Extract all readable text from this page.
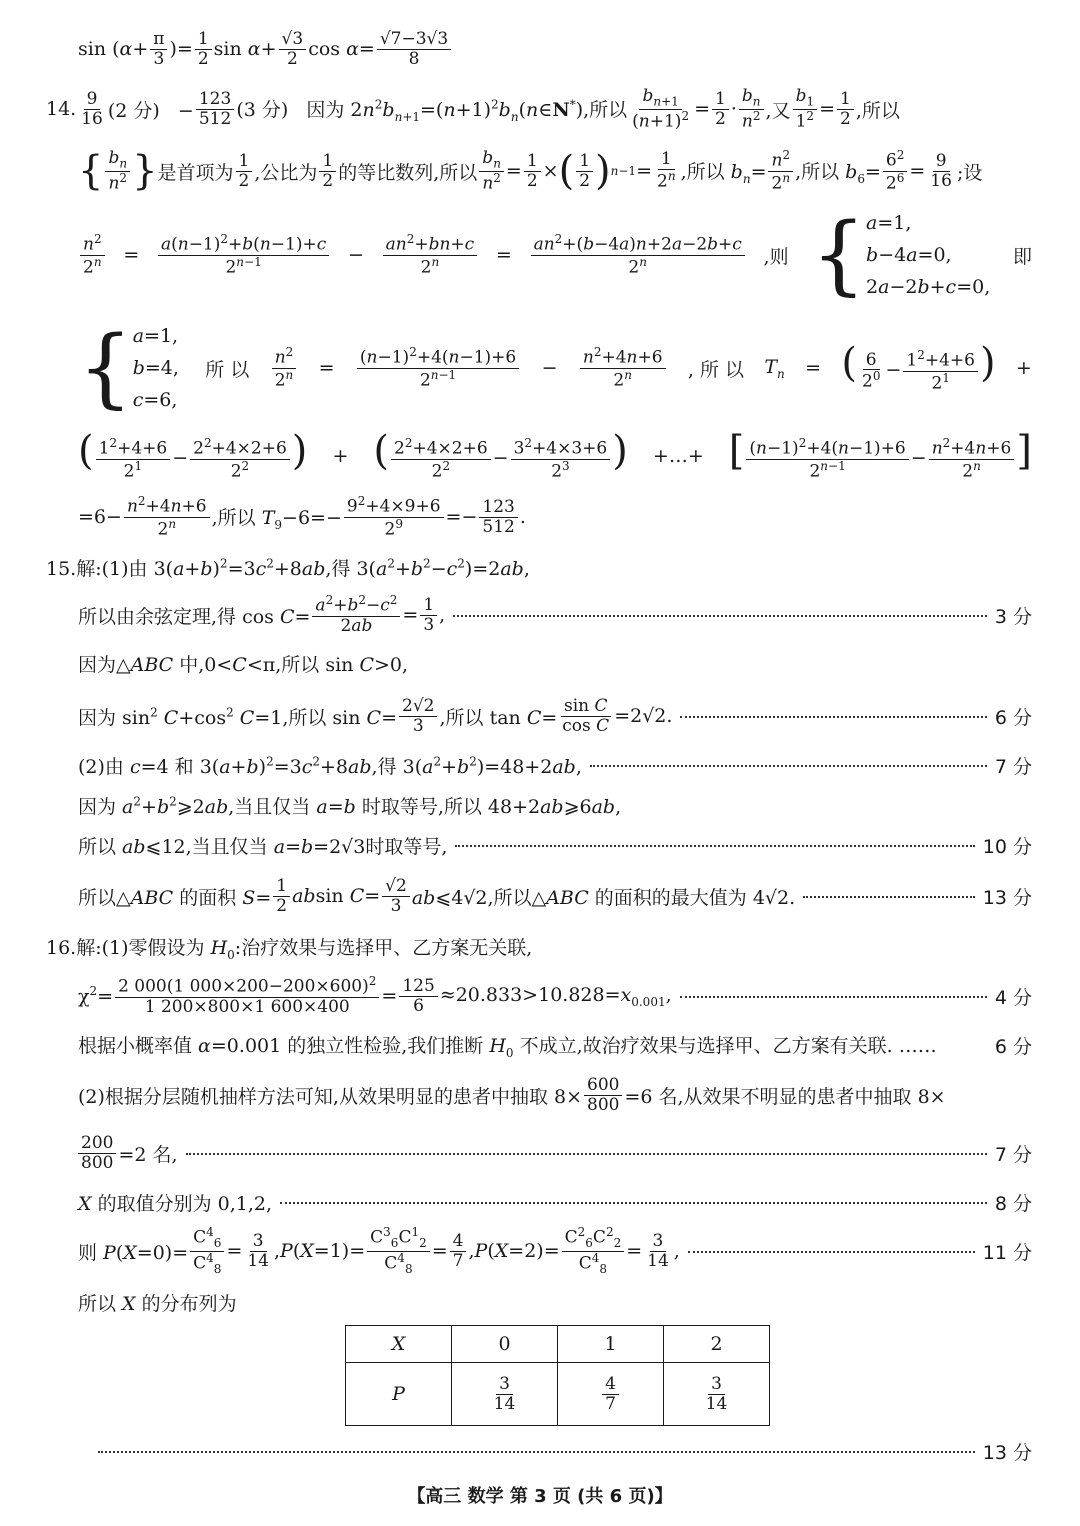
$\sin (\alpha+ \frac{\pi}{3}$ )= $\frac{1}{2}$ $\sin \alpha+ \frac{√3}{2}$ $\cos \alpha= \frac{√7-3√3}{8}$
14. 9
16 (2 分)   − $\frac{123}{512} (3$ 分)   因为 $2n^2b_{n+1}=(n+1)^2b_n(n\in N^*)$,所以 $\frac{b_{n+1}}{(n+1)^2} = \frac{1}{2}$ ·
$b_n$
$n^2$ ,又 $\frac{b_1}{1^2} = \frac{1}{2}$ ,所以
{ $b_n$
$n^2$ } 是首项为
1
2 ,公比为
1
2 的等比数列,所以 $\frac{b_n}{n^2} = \frac{1}{2}$ × ( 1
2 ) $n-1 = \frac{1}{2^n}$ ,所以 $b_n= \frac{n^2}{2^n}$ ,所以 $b_6= \frac{6^2}{2^6} = \frac{9}{16}$ ;设
$\frac{n^2}{2^n} = \frac{a(n-1)^2+b(n-1)+c}{2^{n-1}} - \frac{an^2+bn+c}{2^n} = \frac{an^2+(b-4a)n+2a-2b+c}{2^n}$ ,则 { a=1,
b−4a=0,
2a−2b+c=0,
即
{ a=1,
b=4,
c=6,
所 以 $\frac{n^2}{2^n} = \frac{(n-1)^2+4(n-1)+6}{2^{n-1}} - \frac{n^2+4n+6}{2^n}$ , 所 以 $T_n$ = ( $\frac{6}{2^0} - \frac{1^2+4+6}{2^1}$ ) +
( $\frac{1^2+4+6}{2^1} - \frac{2^2+4\times 2+6}{2^2}$ ) + ( $\frac{2^2+4\times 2+6}{2^2} - \frac{3^2+4\times 3+6}{2^3}$ ) +…+ [ $\frac{(n-1)^2+4(n-1)+6}{2^{n-1}} - \frac{n^2+4n+6}{2^n}$ ]
$=6- \frac{n^2+4n+6}{2^n}$ ,所以 $T_9-6=- \frac{9^2+4\times 9+6}{2^9} =- \frac{123}{512}$ .
15.解:(1)由 $3(a+b)^2=3c^2+8ab$,得 $3(a^2+b^2-c^2)=2ab$,
所以由余弦定理,得 $\cos C= \frac{a^2+b^2-c^2}{2ab} = \frac{1}{3}$ ,	3 分
因为△ABC 中,0<C<π,所以 sin C>0,
因为 $\sin^2 C+\cos^2$ C=1,所以 $\sin C= \frac{2√2}{3}$ ,所以 $\tan C= \frac{\text{sin C}}{\text{cos C}} =2√2$.	6 分
(2)由 c=4 和 $3(a+b)^2=3c^2+8ab$,得 $3(a^2+b^2)=48+2ab$,	7 分
因为 $a^2+b^2⩾2ab$,当且仅当 a=b 时取等号,所以 48+2ab⩾6ab,
所以 ab⩽12,当且仅当 a=b=2√3时取等号,	10 分
所以△ABC 的面积 $S= \frac{1}{2}$ absin $C= \frac{√2}{3}$ ab⩽4√2,所以△ABC 的面积的最大值为 4√2.	13 分
16.解:(1)零假设为 $H_0$:治疗效果与选择甲、乙方案无关联,
$\chi^2= \frac{2 000(1 000\times 200-200\times 600)^2}{1 200\times 800\times 1 600\times 400} = \frac{125}{6} \approx 20.833>10.828=x_{0.001}$,	4 分
根据小概率值 α=0.001 的独立性检验,我们推断 $H_0$ 不成立,故治疗效果与选择甲、乙方案有关联. ……	6 分
(2)根据分层随机抽样方法可知,从效果明显的患者中抽取 $8\times \frac{600}{800} =6$ 名,从效果不明显的患者中抽取 8×
$\frac{200}{800} =2$ 名,	7 分
X 的取值分别为 0,1,2,	8 分
则 $P(X=0)= \frac{C^4_6}{C^4_8} = \frac{3}{14} ,P(X=1)= \frac{C^3_6C^1_2}{C^4_8} = \frac{4}{7} ,P(X=2)= \frac{C^2_6C^2_2}{C^4_8} = \frac{3}{14}$ ,	11 分
所以 X 的分布列为
X	0	1	2
P	$\frac{3}{14}$	$\frac{4}{7}$	$\frac{3}{14}$
13 分
【高三 数学 第 3 页 (共 6 页)】
